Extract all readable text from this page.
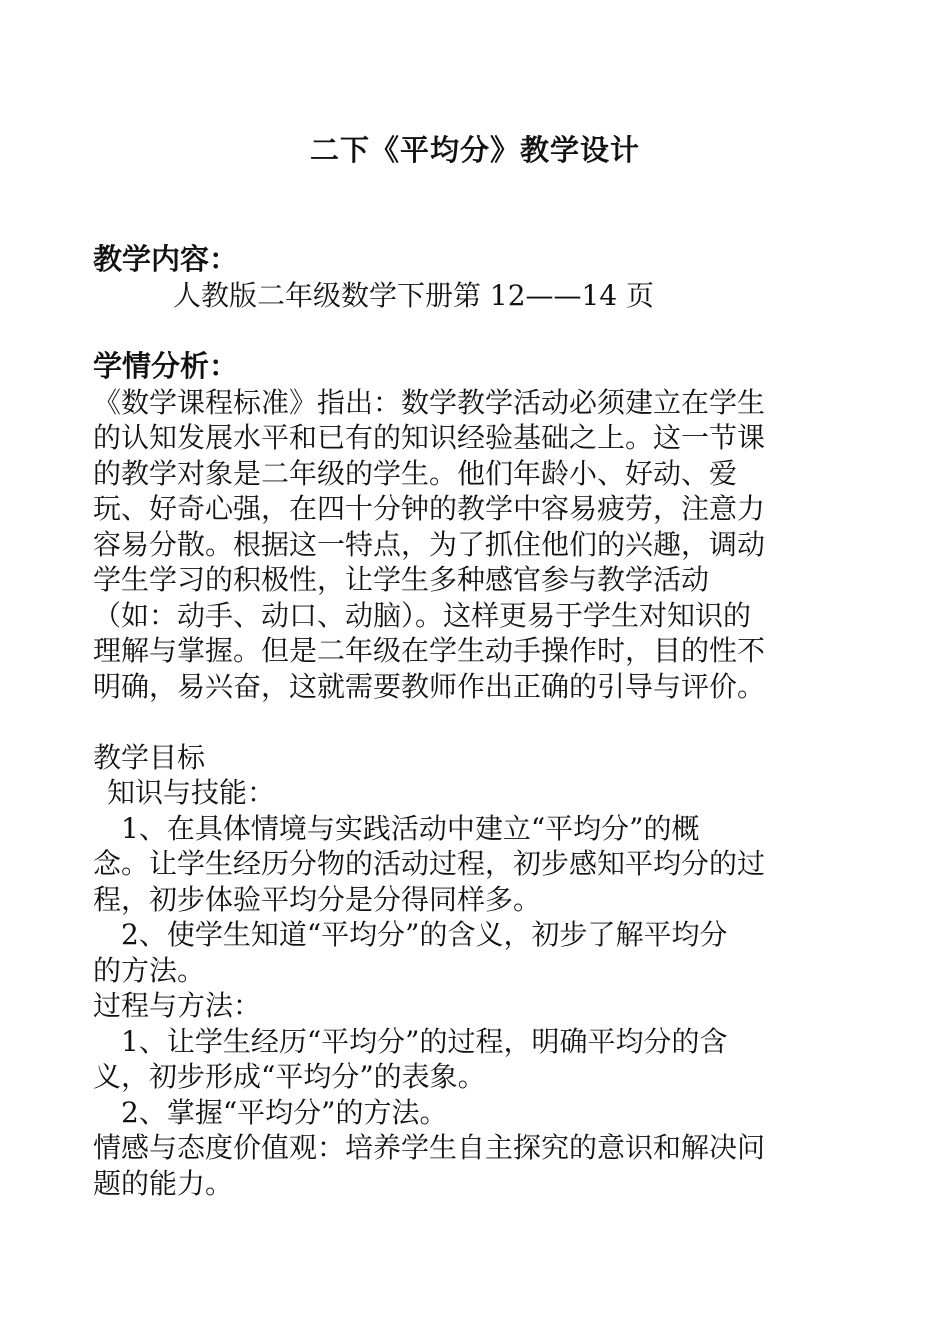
二下《平均分》教学设计
教学内容：
人教版二年级数学下册第 12——14 页
学情分析：
《数学课程标准》指出：数学教学活动必须建立在学生
的认知发展水平和已有的知识经验基础之上。这一节课
的教学对象是二年级的学生。他们年龄小、好动、爱
玩、好奇心强，在四十分钟的教学中容易疲劳，注意力
容易分散。根据这一特点，为了抓住他们的兴趣，调动
学生学习的积极性，让学生多种感官参与教学活动
（如：动手、动口、动脑）。这样更易于学生对知识的
理解与掌握。但是二年级在学生动手操作时，目的性不
明确，易兴奋，这就需要教师作出正确的引导与评价。
教学目标
知识与技能：
1、在具体情境与实践活动中建立“平均分”的概
念。让学生经历分物的活动过程，初步感知平均分的过
程，初步体验平均分是分得同样多。
2、使学生知道“平均分”的含义，初步了解平均分
的方法。
过程与方法：
1、让学生经历“平均分”的过程，明确平均分的含
义，初步形成“平均分”的表象。
2、掌握“平均分”的方法。
情感与态度价值观：培养学生自主探究的意识和解决问
题的能力。
